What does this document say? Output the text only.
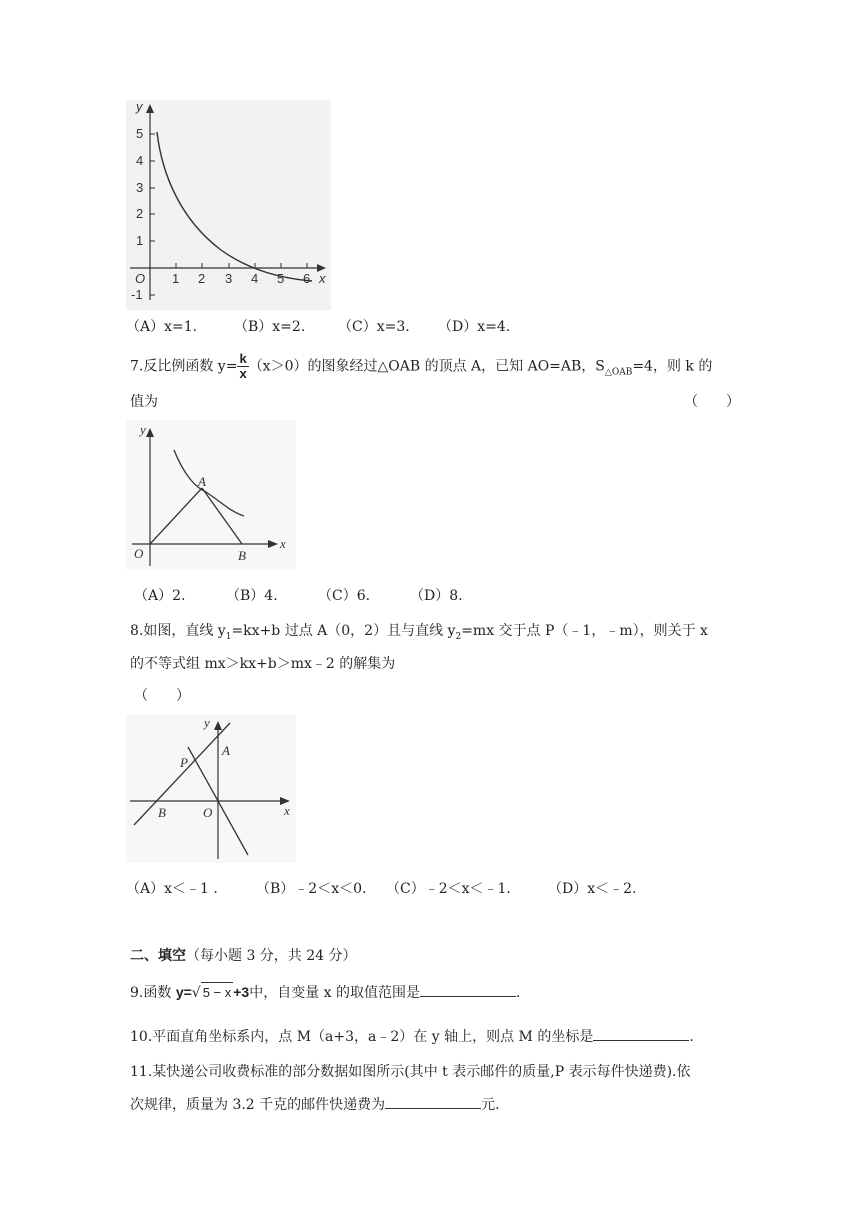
5
4
3
2
1
-1
1 2 3 4 5 6
O	x
y
（A）x=1.	（B）x=2. （C）x=3. （D）x=4.
7.反比例函数 $y= \frac{k}{x} (x>0)$的图象经过△OAB 的顶点 A，已知 AO=AB，$S_{\triangle OAB}=4$，则 k 的
值为	（　　）
y
x
O
A
B
（A）2.	（B）4.	（C）6.	（D）8.
8.如图，直线 $y_1=kx+b$ 过点 A（0，2）且与直线 $y_2=mx$ 交于点 P（﹣1，﹣m），则关于 x
的不等式组 mx＞kx+b＞mx﹣2 的解集为
（　　）
y
x
O
A
B
P
（A）x＜﹣1 .	（B）﹣2＜x＜0. （C）﹣2＜x＜﹣1.	（D）x＜﹣2.
二、填空（每小题 3 分，共 24 分）
9.函数 y=√ 5 − x +3中，自变量 x 的取值范围是	.
10.平面直角坐标系内，点 M（a+3，a﹣2）在 y 轴上，则点 M 的坐标是	.
11.某快递公司收费标准的部分数据如图所示(其中 t 表示邮件的质量,P 表示每件快递费).依
次规律，质量为 3.2 千克的邮件快递费为	元.
